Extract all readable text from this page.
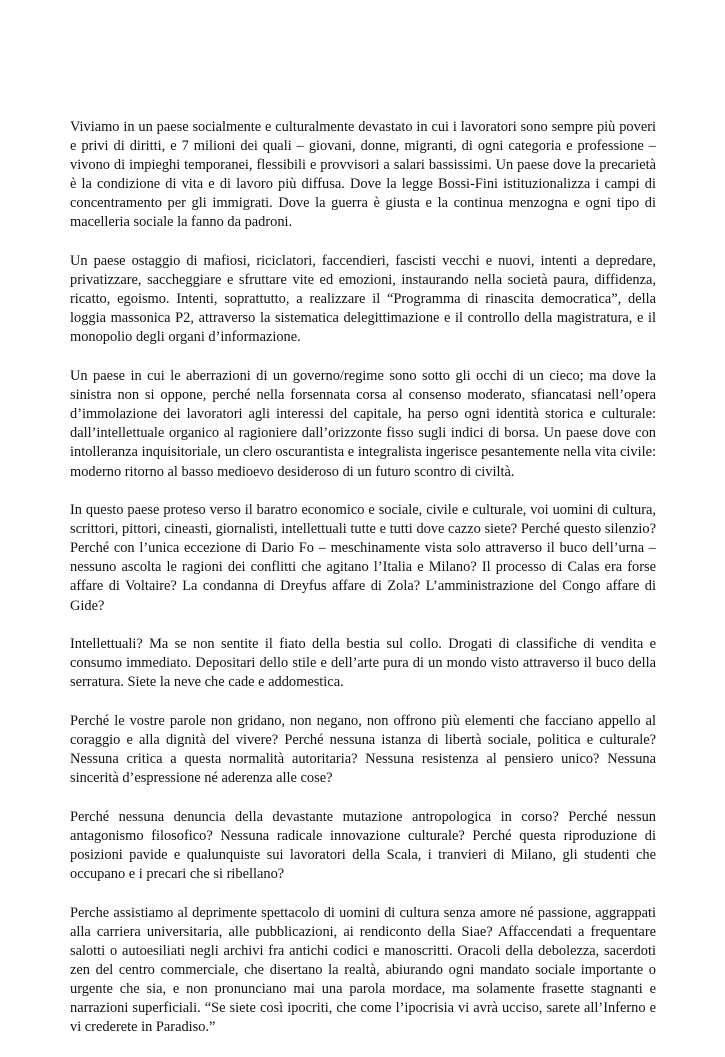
Viviamo in un paese socialmente e culturalmente devastato in cui i lavoratori sono sempre più poveri e privi di diritti, e 7 milioni dei quali – giovani, donne, migranti, di ogni categoria e professione – vivono di impieghi temporanei, flessibili e provvisori a salari bassissimi. Un paese dove la precarietà è la condizione di vita e di lavoro più diffusa. Dove la legge Bossi-Fini istituzionalizza i campi di concentramento per gli immigrati. Dove la guerra è giusta e la continua menzogna e ogni tipo di macelleria sociale la fanno da padroni.

Un paese ostaggio di mafiosi, riciclatori, faccendieri, fascisti vecchi e nuovi, intenti a depredare, privatizzare, saccheggiare e sfruttare vite ed emozioni, instaurando nella società paura, diffidenza, ricatto, egoismo. Intenti, soprattutto, a realizzare il “Programma di rinascita democratica”, della loggia massonica P2, attraverso la sistematica delegittimazione e il controllo della magistratura, e il monopolio degli organi d’informazione.

Un paese in cui le aberrazioni di un governo/regime sono sotto gli occhi di un cieco; ma dove la sinistra non si oppone, perché nella forsennata corsa al consenso moderato, sfiancatasi nell’opera d’immolazione dei lavoratori agli interessi del capitale, ha perso ogni identità storica e culturale: dall’intellettuale organico al ragioniere dall’orizzonte fisso sugli indici di borsa. Un paese dove con intolleranza inquisitoriale, un clero oscurantista e integralista ingerisce pesantemente nella vita civile: moderno ritorno al basso medioevo desideroso di un futuro scontro di civiltà.

In questo paese proteso verso il baratro economico e sociale, civile e culturale, voi uomini di cultura, scrittori, pittori, cineasti, giornalisti, intellettuali tutte e tutti dove cazzo siete? Perché questo silenzio? Perché con l’unica eccezione di Dario Fo – meschinamente vista solo attraverso il buco dell’urna – nessuno ascolta le ragioni dei conflitti che agitano l’Italia e Milano? Il processo di Calas era forse affare di Voltaire? La condanna di Dreyfus affare di Zola? L’amministrazione del Congo affare di Gide?

Intellettuali? Ma se non sentite il fiato della bestia sul collo. Drogati di classifiche di vendita e consumo immediato. Depositari dello stile e dell’arte pura di un mondo visto attraverso il buco della serratura. Siete la neve che cade e addomestica.

Perché le vostre parole non gridano, non negano, non offrono più elementi che facciano appello al coraggio e alla dignità del vivere? Perché nessuna istanza di libertà sociale, politica e culturale? Nessuna critica a questa normalità autoritaria? Nessuna resistenza al pensiero unico? Nessuna sincerità d’espressione né aderenza alle cose?

Perché nessuna denuncia della devastante mutazione antropologica in corso? Perché nessun antagonismo filosofico? Nessuna radicale innovazione culturale? Perché questa riproduzione di posizioni pavide e qualunquiste sui lavoratori della Scala, i tranvieri di Milano, gli studenti che occupano e i precari che si ribellano?

Perche assistiamo al deprimente spettacolo di uomini di cultura senza amore né passione, aggrappati alla carriera universitaria, alle pubblicazioni, ai rendiconto della Siae? Affaccendati a frequentare salotti o autoesiliati negli archivi fra antichi codici e manoscritti. Oracoli della debolezza, sacerdoti zen del centro commerciale, che disertano la realtà, abiurando ogni mandato sociale importante o urgente che sia, e non pronunciano mai una parola mordace, ma solamente frasette stagnanti e narrazioni superficiali. “Se siete così ipocriti, che come l’ipocrisia vi avrà ucciso, sarete all’Inferno e vi crederete in Paradiso.”
